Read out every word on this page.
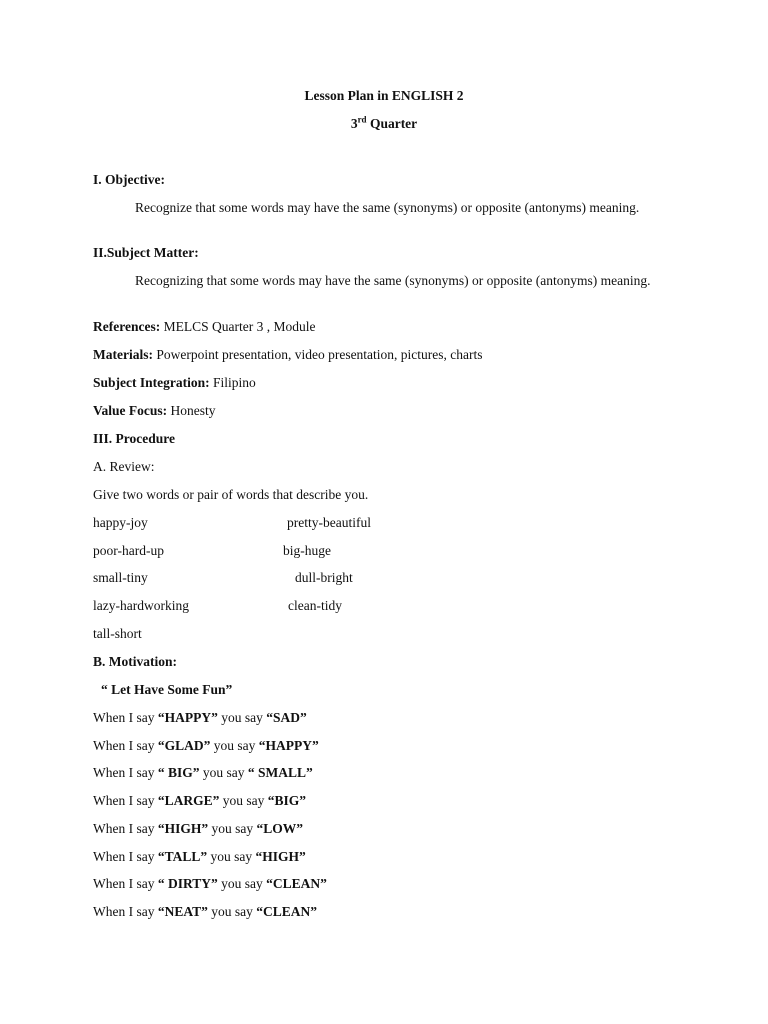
Lesson Plan in ENGLISH 2
3rd Quarter
I. Objective:
Recognize that some words may have the same (synonyms) or opposite (antonyms) meaning.
II.Subject Matter:
Recognizing that some words may have the same (synonyms) or opposite (antonyms) meaning.
References: MELCS Quarter 3 , Module
Materials: Powerpoint presentation, video presentation, pictures, charts
Subject Integration: Filipino
Value Focus: Honesty
III. Procedure
A. Review:
Give two words or pair of words that describe you.
happy-joy	pretty-beautiful
poor-hard-up	big-huge
small-tiny	dull-bright
lazy-hardworking	clean-tidy
tall-short
B. Motivation:
“ Let Have Some Fun”
When I say “HAPPY” you say “SAD”
When I say “GLAD” you say “HAPPY”
When I say “ BIG” you say “ SMALL”
When I say “LARGE” you say “BIG”
When I say “HIGH” you say “LOW”
When I say “TALL” you say “HIGH”
When I say “ DIRTY” you say “CLEAN”
When I say “NEAT” you say “CLEAN”
